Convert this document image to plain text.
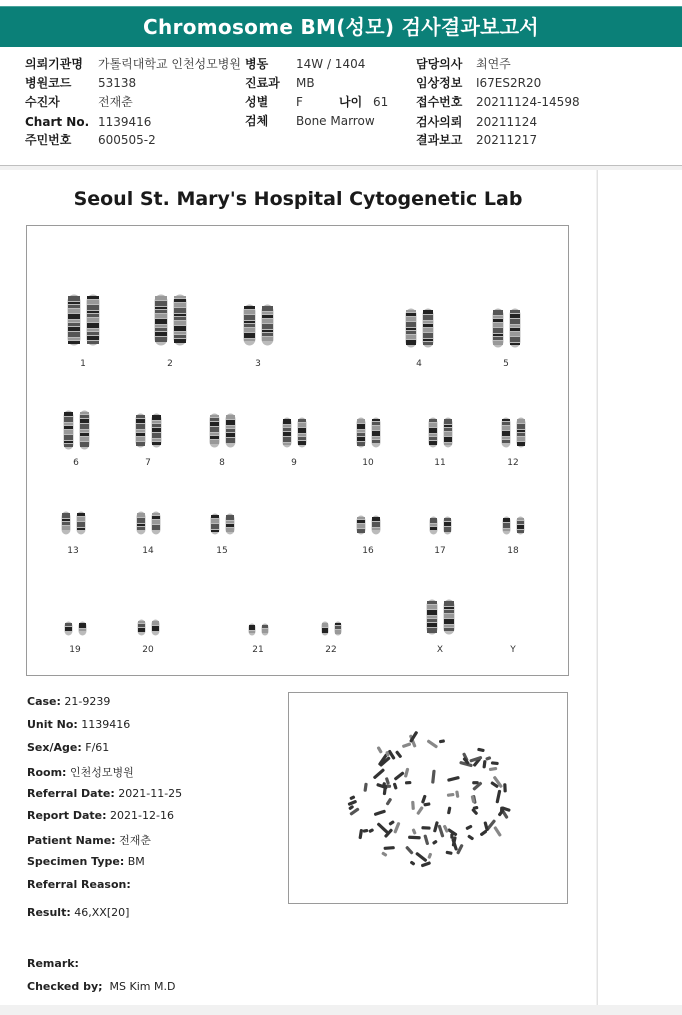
Chromosome BM(성모) 검사결과보고서
의뢰기관명 가톨릭대학교 인천성모병원 병동 14W / 1404	담당의사 최연주
병원코드 53138	진료과 MB	임상정보 I67ES2R20
수진자	전재춘	성별 F	나이 61 접수번호 20211124-14598
Chart No. 1139416	검체 Bone Marrow	검사의뢰 20211124
주민번호 600505-2	결과보고 20211217
Seoul St. Mary's Hospital Cytogenetic Lab
1	2	3	4	5
6	7	8	9	10	11	12
13	14	15	16	17	18
19	20	21	22	X	Y
Case: 21-9239
Unit No: 1139416
Sex/Age: F/61
Room: 인천성모병원
Referral Date: 2021-11-25
Report Date: 2021-12-16
Patient Name: 전재춘
Specimen Type: BM
Referral Reason:
Result: 46,XX[20]
Remark:
Checked by; MS Kim M.D
